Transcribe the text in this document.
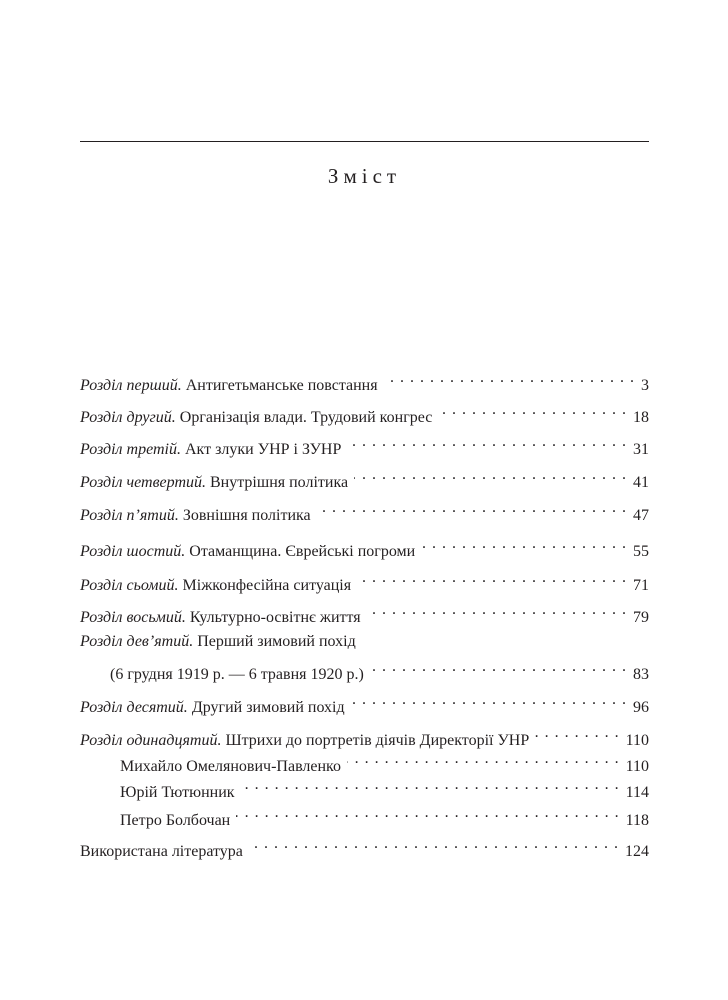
Зміст
Розділ перший. Антигетьманське повстання . . .	3
Розділ другий. Організація влади. Трудовий конгрес . . .	18
Розділ третій. Акт злуки УНР і ЗУНР . . .	31
Розділ четвертий. Внутрішня політика . . .	41
Розділ п’ятий. Зовнішня політика . . .	47
Розділ шостий. Отаманщина. Єврейські погроми . . .	55
Розділ сьомий. Міжконфесійна ситуація . . .	71
Розділ восьмий. Культурно-освітнє життя . . .	79
Розділ дев’ятий. Перший зимовий похід
(6 грудня 1919 р. — 6 травня 1920 р.) . . .	83
Розділ десятий. Другий зимовий похід . . .	96
Розділ одинадцятий. Штрихи до портретів діячів Директорії УНР . . .	110
Михайло Омелянович-Павленко . . .	110
Юрій Тютюнник . . .	114
Петро Болбочан . . .	118
Використана література . . .	124
